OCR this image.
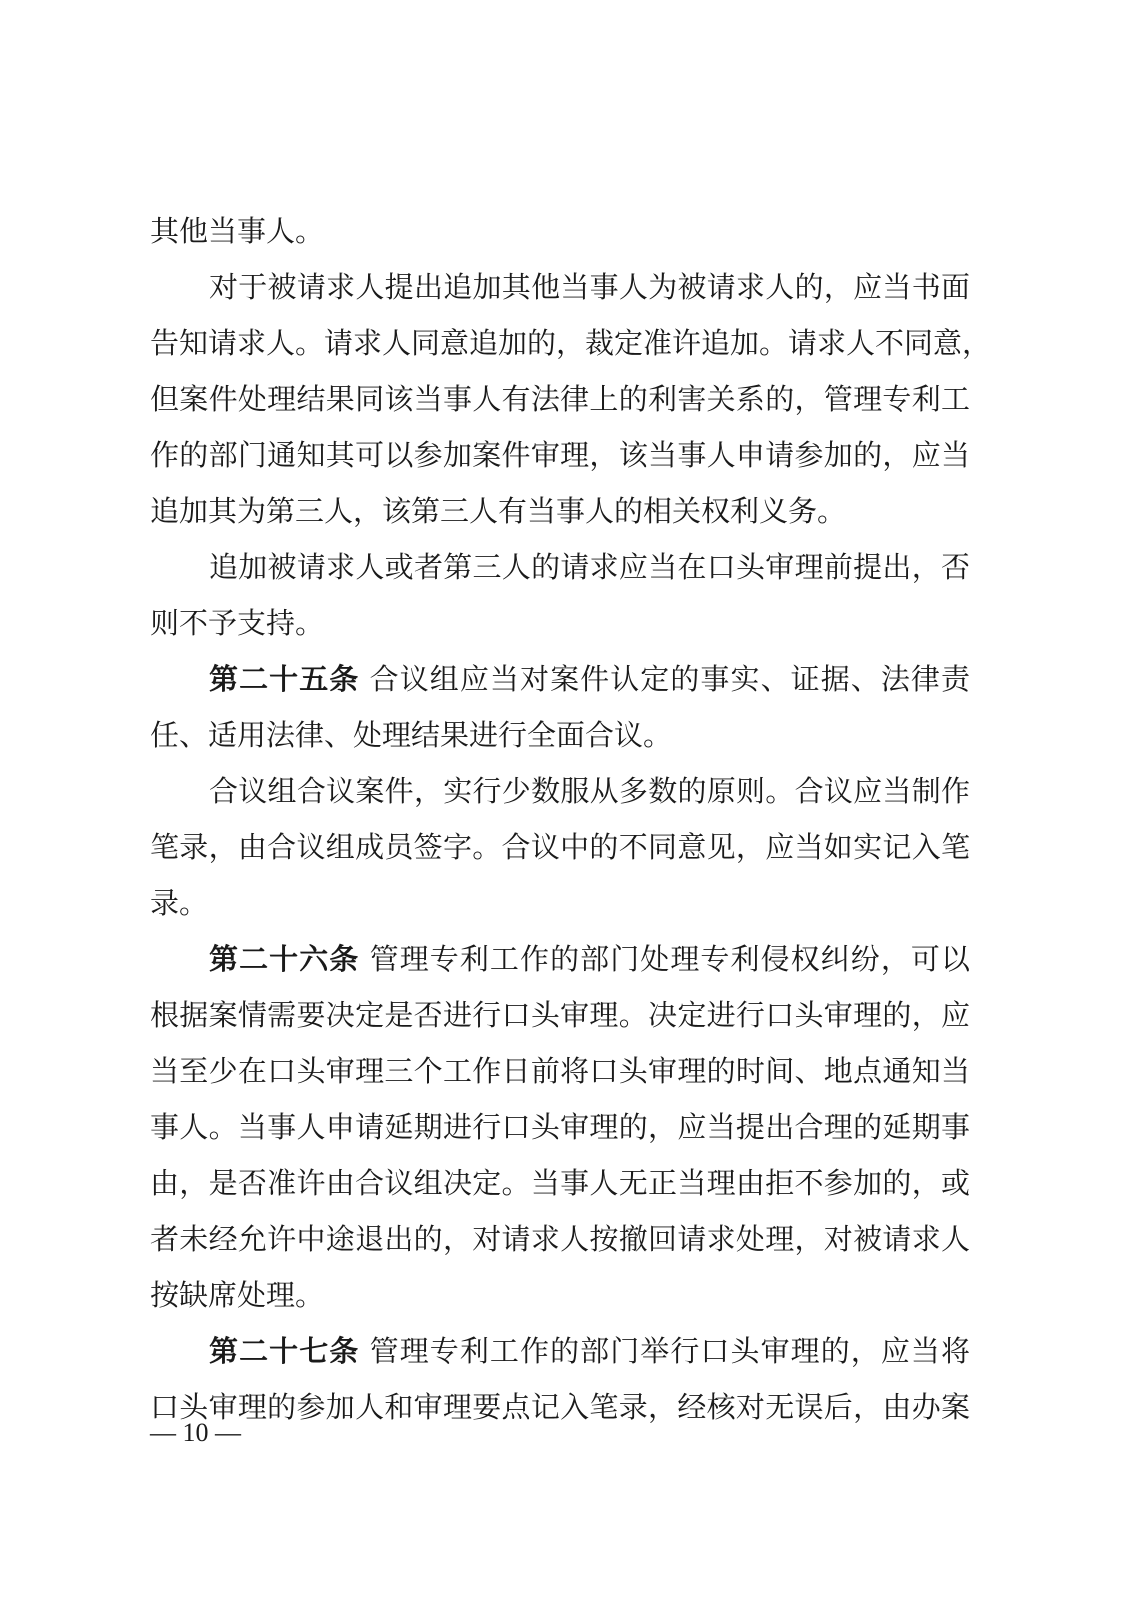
其他当事人。
对于被请求人提出追加其他当事人为被请求人的，应当书面
告知请求人。请求人同意追加的，裁定准许追加。请求人不同意，
但案件处理结果同该当事人有法律上的利害关系的，管理专利工
作的部门通知其可以参加案件审理，该当事人申请参加的，应当
追加其为第三人，该第三人有当事人的相关权利义务。
追加被请求人或者第三人的请求应当在口头审理前提出，否
则不予支持。
第二十五条 合议组应当对案件认定的事实、证据、法律责
任、适用法律、处理结果进行全面合议。
合议组合议案件，实行少数服从多数的原则。合议应当制作
笔录，由合议组成员签字。合议中的不同意见，应当如实记入笔
录。
第二十六条 管理专利工作的部门处理专利侵权纠纷，可以
根据案情需要决定是否进行口头审理。决定进行口头审理的，应
当至少在口头审理三个工作日前将口头审理的时间、地点通知当
事人。当事人申请延期进行口头审理的，应当提出合理的延期事
由，是否准许由合议组决定。当事人无正当理由拒不参加的，或
者未经允许中途退出的，对请求人按撤回请求处理，对被请求人
按缺席处理。
第二十七条 管理专利工作的部门举行口头审理的，应当将
口头审理的参加人和审理要点记入笔录，经核对无误后，由办案
— 10 —
